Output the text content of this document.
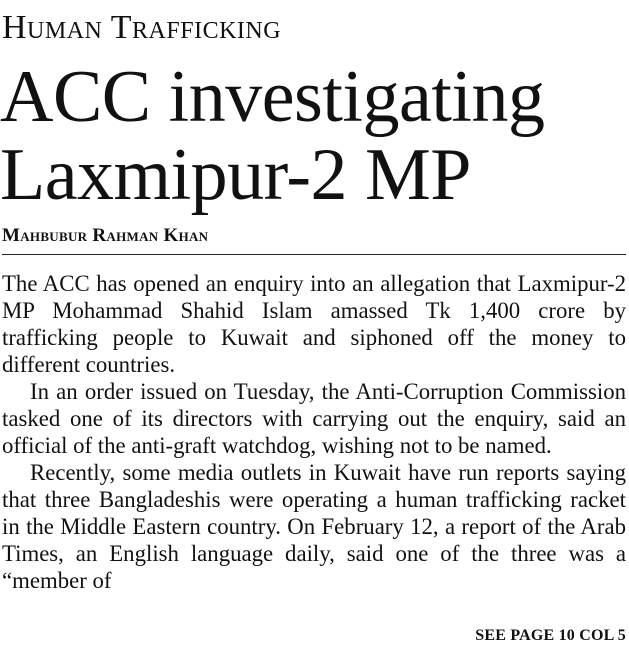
Human Trafficking
ACC investigating
Laxmipur-2 MP
Mahbubur Rahman Khan

The ACC has opened an enquiry into an allegation that Laxmipur-2 MP Mohammad Shahid Islam amassed Tk 1,400 crore by trafficking people to Kuwait and siphoned off the money to different countries.

In an order issued on Tuesday, the Anti-Corruption Commission tasked one of its directors with carrying out the enquiry, said an official of the anti-graft watchdog, wishing not to be named.

Recently, some media outlets in Kuwait have run reports saying that three Bangladeshis were operating a human trafficking racket in the Middle Eastern country. On February 12, a report of the Arab Times, an English language daily, said one of the three was a “member of

SEE PAGE 10 COL 5
